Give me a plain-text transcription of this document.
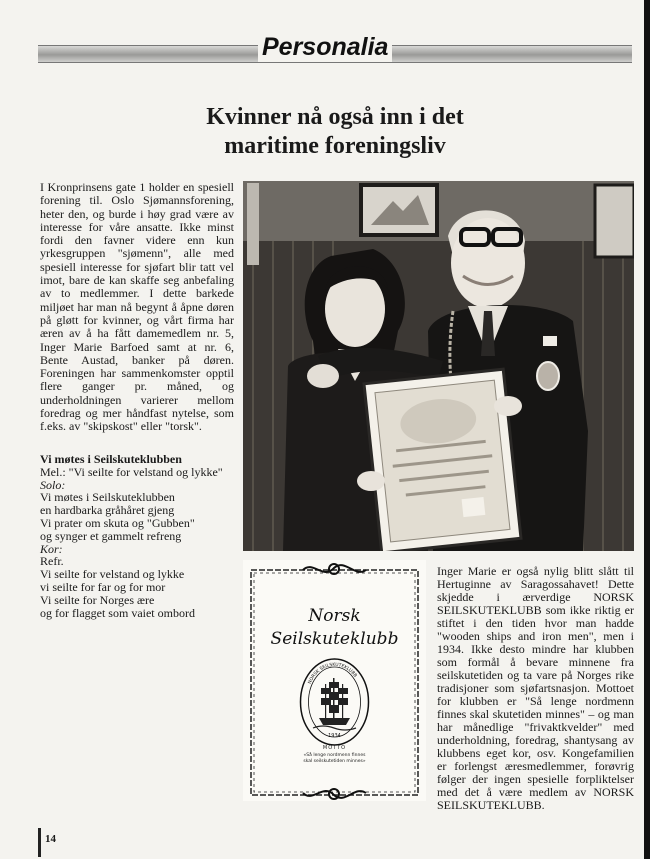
Personalia
Kvinner nå også inn i det
maritime foreningsliv

I Kronprinsens gate 1 holder en spesiell forening til. Oslo Sjømannsforening, heter den, og burde i høy grad være av interesse for våre ansatte. Ikke minst fordi den favner videre enn kun yrkesgruppen "sjømenn", alle med spesiell interesse for sjøfart blir tatt vel imot, bare de kan skaffe seg anbefaling av to medlemmer. I dette barkede miljøet har man nå begynt å åpne døren på gløtt for kvinner, og vårt firma har æren av å ha fått damemedlem nr. 5, Inger Marie Barfoed samt at nr. 6, Bente Austad, banker på døren. Foreningen har sammenkomster opptil flere ganger pr. måned, og underholdningen varierer mellom foredrag og mer håndfast nytelse, som f.eks. av "skipskost" eller "torsk".

Vi møtes i Seilskuteklubben
Mel.: "Vi seilte for velstand og lykke"
Solo:
Vi møtes i Seilskuteklubben
en hardbarka gråhåret gjeng
Vi prater om skuta og "Gubben"
og synger et gammelt refreng
Kor:
Refr.
Vi seilte for velstand og lykke
vi seilte for far og for mor
Vi seilte for Norges ære
og for flagget som vaiet ombord
NORSK SEILSKUTEKLUBB
1934
Norsk
Seilskuteklubb
MOTTO
«Så lenge nordmenn finnes
skal seilskutetiden minnes»

Inger Marie er også nylig blitt slått til Hertuginne av Saragossahavet! Dette skjedde i ærverdige NORSK SEILSKUTEKLUBB som ikke riktig er stiftet i den tiden hvor man hadde "wooden ships and iron men", men i 1934. Ikke desto mindre har klubben som formål å bevare minnene fra seilskutetiden og ta vare på Norges rike tradisjoner som sjøfartsnasjon. Mottoet for klubben er "Så lenge nordmenn finnes skal skutetiden minnes" – og man har månedlige "frivaktkvelder" med underholdning, foredrag, shantysang av klubbens eget kor, osv. Kongefamilien er forlengst æresmedlemmer, forøvrig følger der ingen spesielle forpliktelser med det å være medlem av NORSK SEILSKUTEKLUBB.

14
